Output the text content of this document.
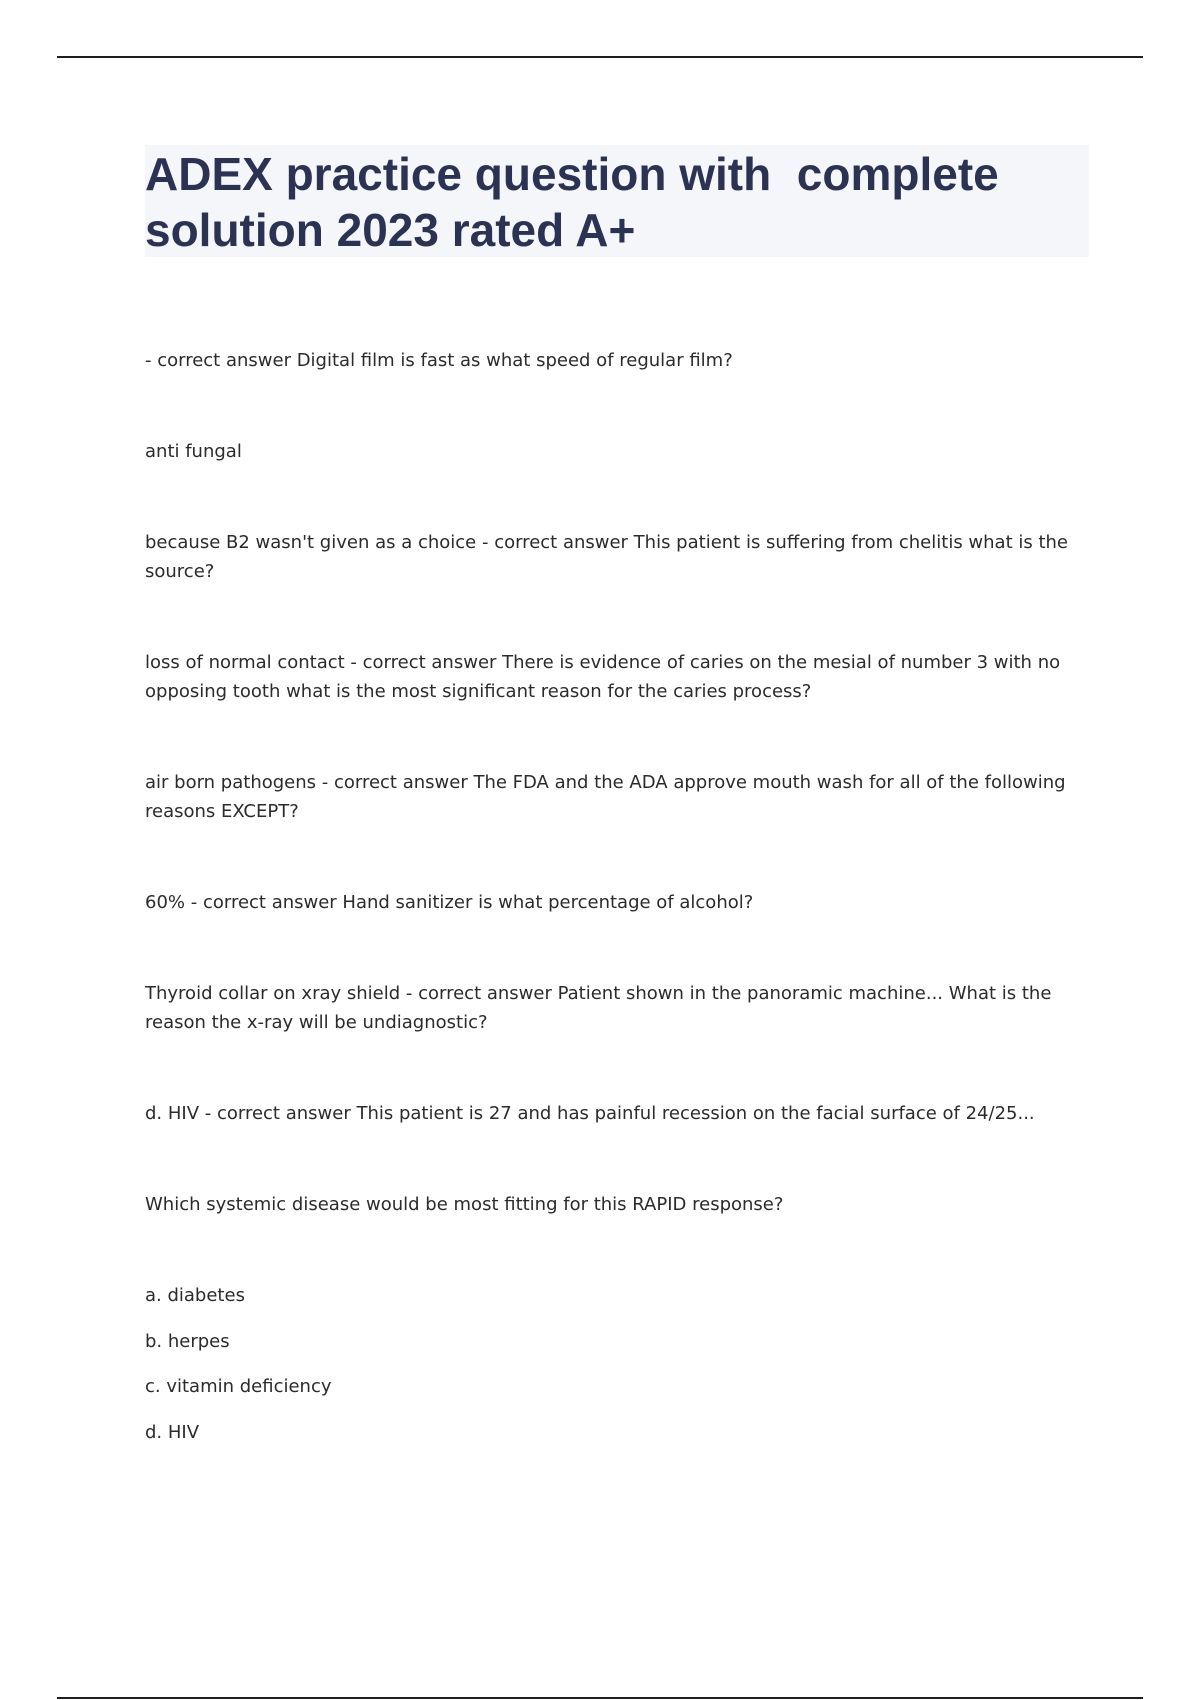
ADEX practice question with  complete solution 2023 rated A+

- correct answer Digital film is fast as what speed of regular film?

anti fungal

because B2 wasn't given as a choice - correct answer This patient is suffering from chelitis what is the source?

loss of normal contact - correct answer There is evidence of caries on the mesial of number 3 with no opposing tooth what is the most significant reason for the caries process?

air born pathogens - correct answer The FDA and the ADA approve mouth wash for all of the following reasons EXCEPT?

60% - correct answer Hand sanitizer is what percentage of alcohol?

Thyroid collar on xray shield - correct answer Patient shown in the panoramic machine... What is the reason the x-ray will be undiagnostic?

d. HIV - correct answer This patient is 27 and has painful recession on the facial surface of 24/25...

Which systemic disease would be most fitting for this RAPID response?

a. diabetes

b. herpes

c. vitamin deficiency

d. HIV
